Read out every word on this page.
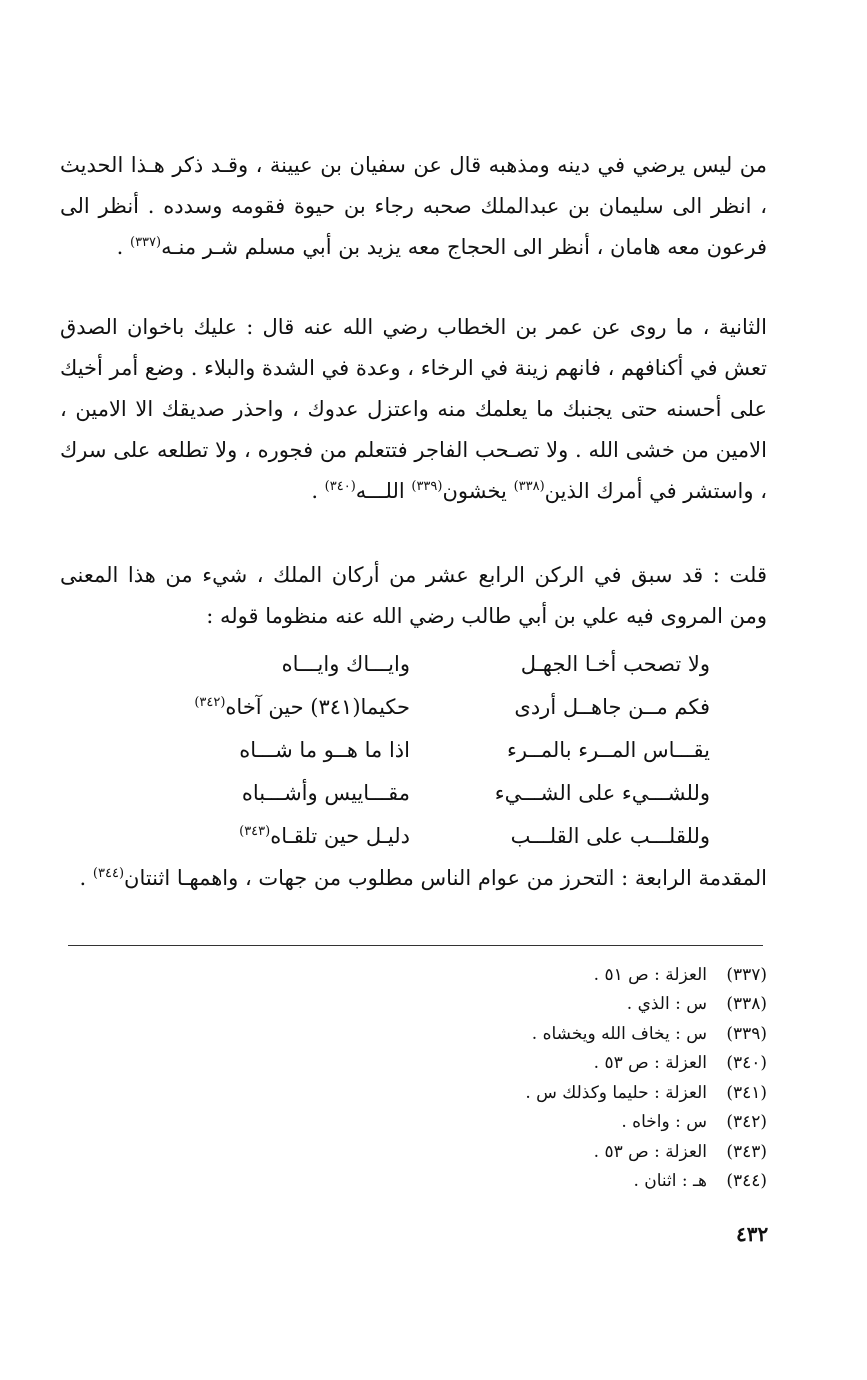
من ليس يرضي في دينه ومذهبه قال عن سفيان بن عيينة ، وقـد ذكر هـذا الحديث ، انظر الى سليمان بن عبدالملك صحبه رجاء بن حيوة فقومه وسدده . أنظر الى فرعون معه هامان ، أنظر الى الحجاج معه يزيد بن أبي مسلم شـر منـه$^{(٣٣٧)}$ .

الثانية ، ما روى عن عمر بن الخطاب رضي الله عنه قال : عليك باخوان الصدق تعش في أكنافهم ، فانهم زينة في الرخاء ، وعدة في الشدة والبلاء . وضع أمر أخيك على أحسنه حتى يجنبك ما يعلمك منه واعتزل عدوك ، واحذر صديقك الا الامين ، الامين من خشى الله . ولا تصـحب الفاجر فتتعلم من فجوره ، ولا تطلعه على سرك ، واستشر في أمرك الذين$^{(٣٣٨)}$ يخشون$^{(٣٣٩)}$ اللـــه$^{(٣٤٠)}$ .

قلت : قد سبق في الركن الرابع عشر من أركان الملك ، شيء من هذا المعنى ومن المروى فيه علي بن أبي طالب رضي الله عنه منظوما قوله :

ولا تصحب أخـا الجهـل
وايـــاك وايـــاه
فكم مــن جاهــل أردى
حكيما(٣٤١) حين آخاه$^{(٣٤٢)}$
يقـــاس المــرء بالمــرء
اذا ما هــو ما شـــاه
وللشـــيء على الشـــيء
مقـــاييس وأشـــباه
وللقلـــب على القلـــب
دليـل حين تلقـاه$^{(٣٤٣)}$

المقدمة الرابعة : التحرز من عوام الناس مطلوب من جهات ، واهمهـا اثنتان$^{(٣٤٤)}$ .

(٣٣٧)
العزلة : ص ٥١ .
(٣٣٨)
س : الذي .
(٣٣٩)
س : يخاف الله ويخشاه .
(٣٤٠)
العزلة : ص ٥٣ .
(٣٤١)
العزلة : حليما وكذلك س .
(٣٤٢)
س : واخاه .
(٣٤٣)
العزلة : ص ٥٣ .
(٣٤٤)
هـ : اثنان .

٤٣٢
